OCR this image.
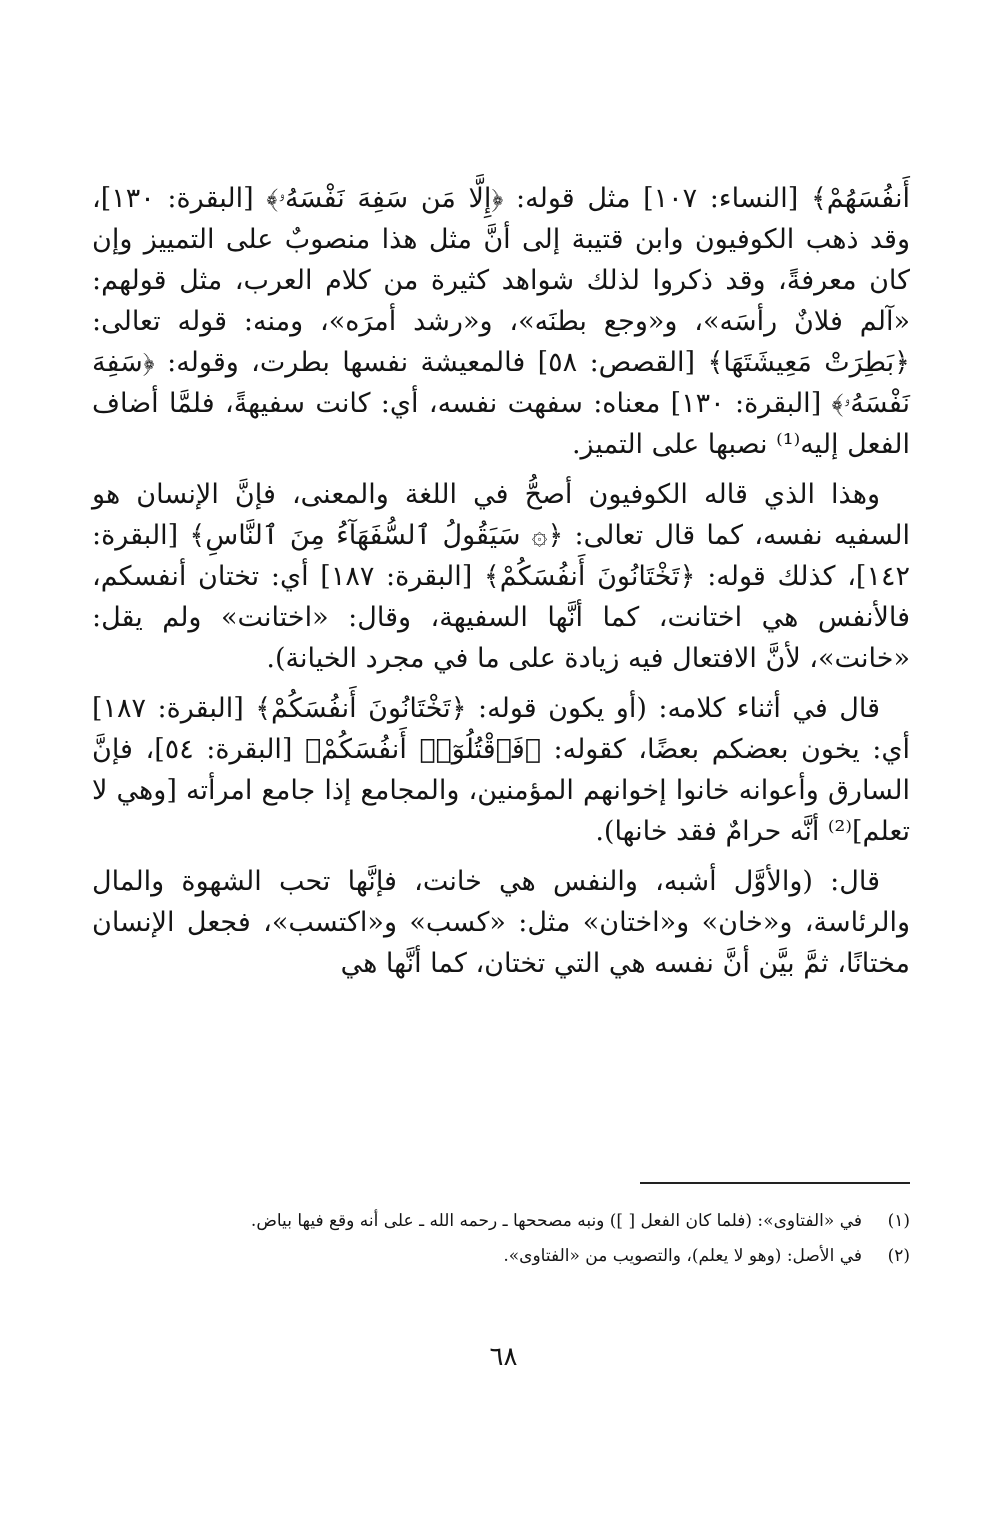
أَنفُسَهُمْ﴾ [النساء: ١٠٧] مثل قوله: ﴿إِلَّا مَن سَفِهَ نَفْسَهُۥ﴾ [البقرة: ١٣٠]، وقد ذهب الكوفيون وابن قتيبة إلى أنَّ مثل هذا منصوبٌ على التمييز وإن كان معرفةً، وقد ذكروا لذلك شواهد كثيرة من كلام العرب، مثل قولهم: «آلم فلانٌ رأسَه»، و«وجع بطنَه»، و«رشد أمرَه»، ومنه: قوله تعالى: ﴿بَطِرَتْ مَعِيشَتَهَا﴾ [القصص: ٥٨] فالمعيشة نفسها بطرت، وقوله: ﴿سَفِهَ نَفْسَهُۥ﴾ [البقرة: ١٣٠] معناه: سفهت نفسه، أي: كانت سفيهةً، فلمَّا أضاف الفعل إليه⁽¹⁾ نصبها على التميز.

وهذا الذي قاله الكوفيون أصحُّ في اللغة والمعنى، فإنَّ الإنسان هو السفيه نفسه، كما قال تعالى: ﴿۞ سَيَقُولُ ٱلسُّفَهَآءُ مِنَ ٱلنَّاسِ﴾ [البقرة: ١٤٢]، كذلك قوله: ﴿تَخْتَانُونَ أَنفُسَكُمْ﴾ [البقرة: ١٨٧] أي: تختان أنفسكم، فالأنفس هي اختانت، كما أنَّها السفيهة، وقال: «اختانت» ولم يقل: «خانت»، لأنَّ الافتعال فيه زيادة على ما في مجرد الخيانة).

قال في أثناء كلامه: (أو يكون قوله: ﴿تَخْتَانُونَ أَنفُسَكُمْ﴾ [البقرة: ١٨٧] أي: يخون بعضكم بعضًا، كقوله: ﴿فَٱقْتُلُوٓا۟ أَنفُسَكُمْ﴾ [البقرة: ٥٤]، فإنَّ السارق وأعوانه خانوا إخوانهم المؤمنين، والمجامع إذا جامع امرأته [وهي لا تعلم]⁽²⁾ أنَّه حرامٌ فقد خانها).

قال: (والأوَّل أشبه، والنفس هي خانت، فإنَّها تحب الشهوة والمال والرئاسة، و«خان» و«اختان» مثل: «كسب» و«اكتسب»، فجعل الإنسان مختانًا، ثمَّ بيَّن أنَّ نفسه هي التي تختان، كما أنَّها هي

(١)
في «الفتاوى»: (فلما كان الفعل [ ]) ونبه مصححها ـ رحمه الله ـ على أنه وقع فيها بياض.
(٢)
في الأصل: (وهو لا يعلم)، والتصويب من «الفتاوى».
٦٨
